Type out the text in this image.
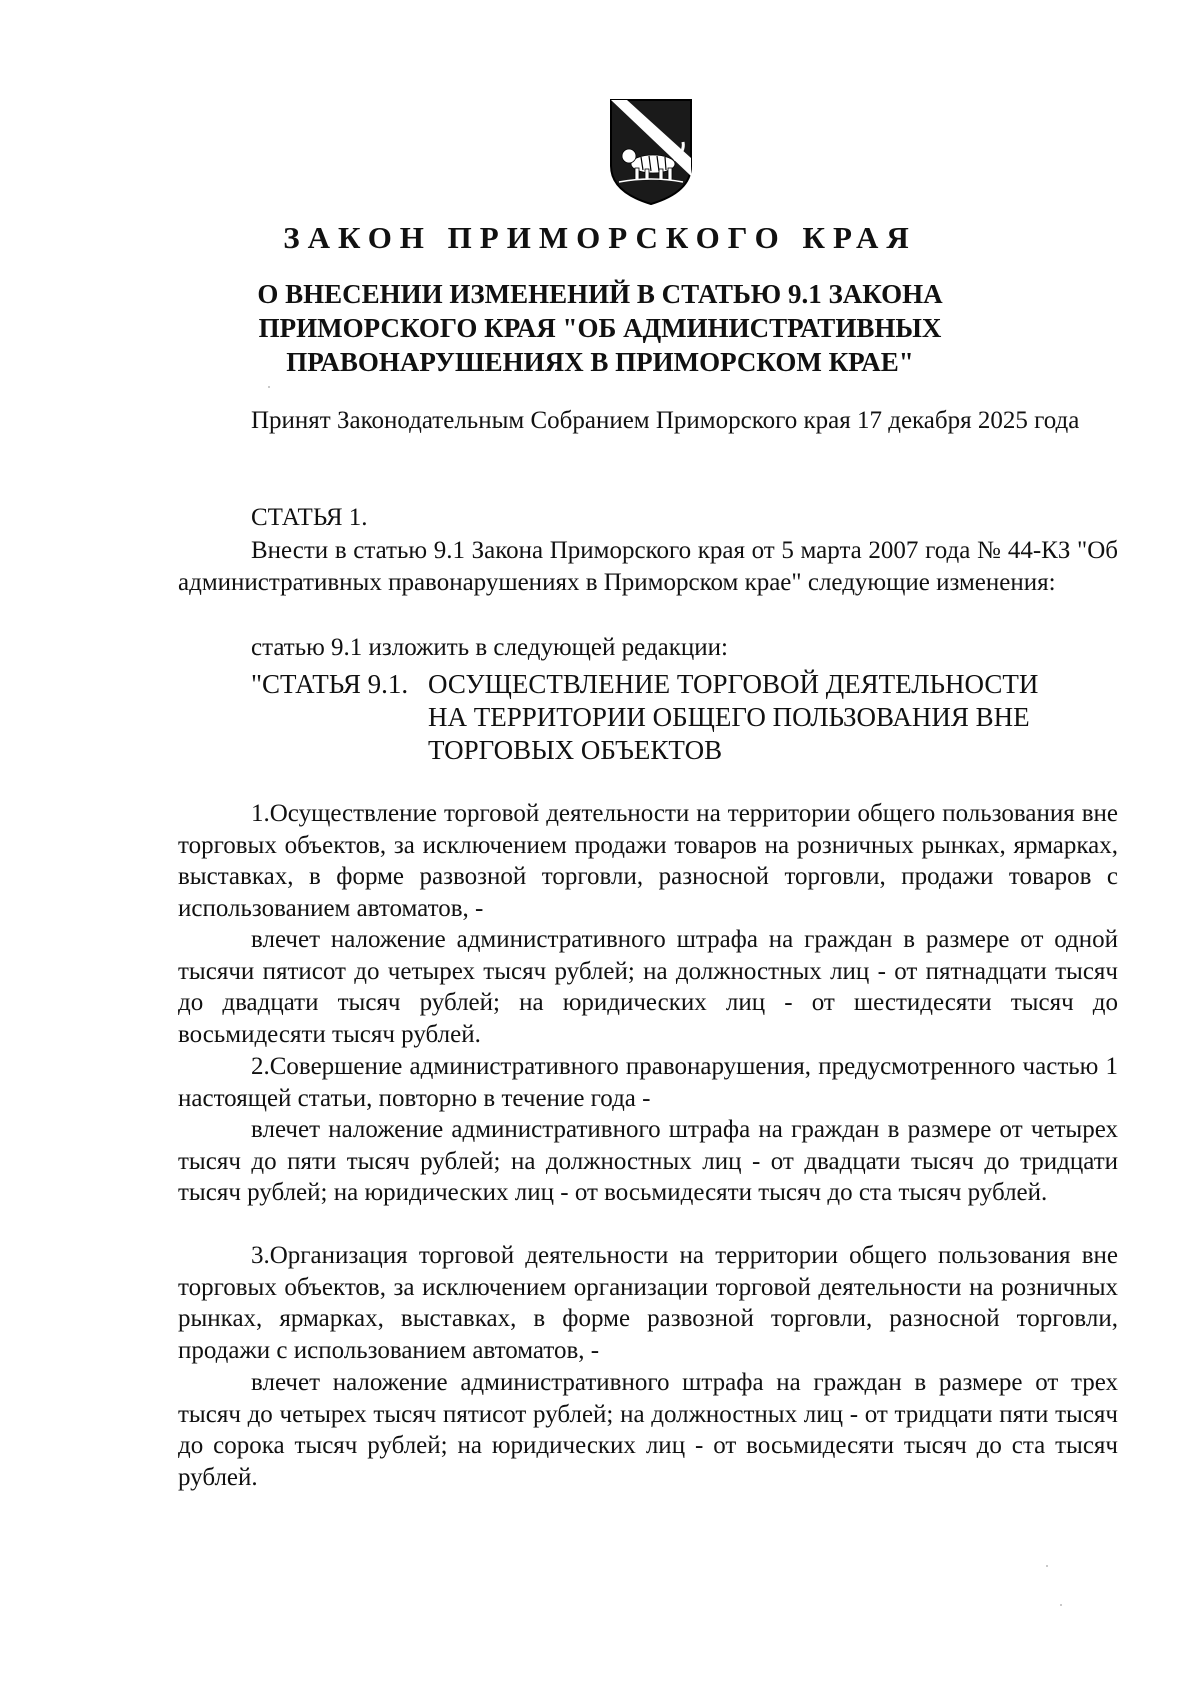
ЗАКОН ПРИМОРСКОГО КРАЯ
О ВНЕСЕНИИ ИЗМЕНЕНИЙ В СТАТЬЮ 9.1 ЗАКОНА ПРИМОРСКОГО КРАЯ "ОБ АДМИНИСТРАТИВНЫХ ПРАВОНАРУШЕНИЯХ В ПРИМОРСКОМ КРАЕ"

Принят Законодательным Собранием Приморского края 17 декабря 2025 года

СТАТЬЯ 1.

Внести в статью 9.1 Закона Приморского края от 5 марта 2007 года № 44-КЗ "Об административных правонарушениях в Приморском крае" следующие изменения:

статью 9.1 изложить в следующей редакции:

"СТАТЬЯ 9.1. ОСУЩЕСТВЛЕНИЕ ТОРГОВОЙ ДЕЯТЕЛЬНОСТИ НА ТЕРРИТОРИИ ОБЩЕГО ПОЛЬЗОВАНИЯ ВНЕ ТОРГОВЫХ ОБЪЕКТОВ

1.Осуществление торговой деятельности на территории общего пользования вне торговых объектов, за исключением продажи товаров на розничных рынках, ярмарках, выставках, в форме развозной торговли, разносной торговли, продажи товаров с использованием автоматов, -

влечет наложение административного штрафа на граждан в размере от одной тысячи пятисот до четырех тысяч рублей; на должностных лиц - от пятнадцати тысяч до двадцати тысяч рублей; на юридических лиц - от шестидесяти тысяч до восьмидесяти тысяч рублей.

2.Совершение административного правонарушения, предусмотренного частью 1 настоящей статьи, повторно в течение года -

влечет наложение административного штрафа на граждан в размере от четырех тысяч до пяти тысяч рублей; на должностных лиц - от двадцати тысяч до тридцати тысяч рублей; на юридических лиц - от восьмидесяти тысяч до ста тысяч рублей.

3.Организация торговой деятельности на территории общего пользования вне торговых объектов, за исключением организации торговой деятельности на розничных рынках, ярмарках, выставках, в форме развозной торговли, разносной торговли, продажи с использованием автоматов, -

влечет наложение административного штрафа на граждан в размере от трех тысяч до четырех тысяч пятисот рублей; на должностных лиц - от тридцати пяти тысяч до сорока тысяч рублей; на юридических лиц - от восьмидесяти тысяч до ста тысяч рублей.
